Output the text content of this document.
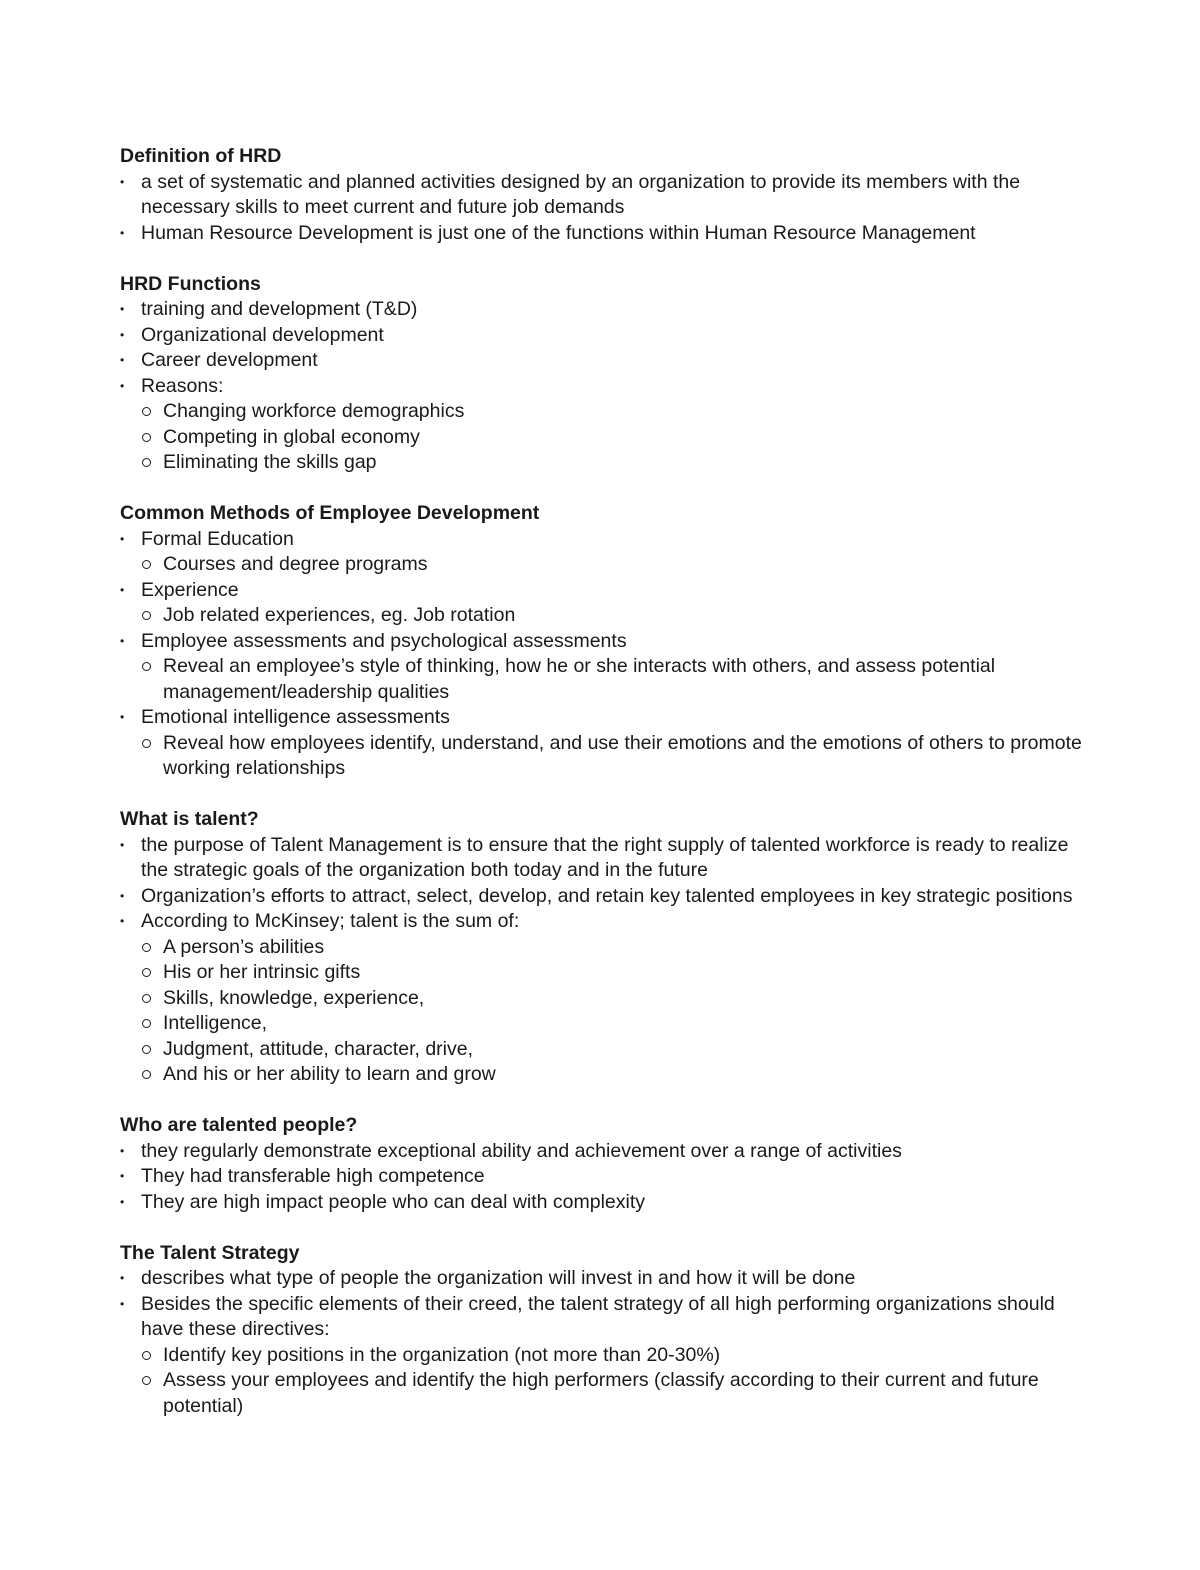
Definition of HRD
• a set of systematic and planned activities designed by an organization to provide its members with the necessary skills to meet current and future job demands
• Human Resource Development is just one of the functions within Human Resource Management
HRD Functions
• training and development (T&D)
• Organizational development
• Career development
• Reasons:
Changing workforce demographics
Competing in global economy
Eliminating the skills gap
Common Methods of Employee Development
• Formal Education
Courses and degree programs
• Experience
Job related experiences, eg. Job rotation
• Employee assessments and psychological assessments
Reveal an employee’s style of thinking, how he or she interacts with others, and assess potential management/leadership qualities
• Emotional intelligence assessments
Reveal how employees identify, understand, and use their emotions and the emotions of others to promote working relationships
What is talent?
• the purpose of Talent Management is to ensure that the right supply of talented workforce is ready to realize the strategic goals of the organization both today and in the future
• Organization’s efforts to attract, select, develop, and retain key talented employees in key strategic positions
• According to McKinsey; talent is the sum of:
A person’s abilities
His or her intrinsic gifts
Skills, knowledge, experience,
Intelligence,
Judgment, attitude, character, drive,
And his or her ability to learn and grow
Who are talented people?
• they regularly demonstrate exceptional ability and achievement over a range of activities
• They had transferable high competence
• They are high impact people who can deal with complexity
The Talent Strategy
• describes what type of people the organization will invest in and how it will be done
• Besides the specific elements of their creed, the talent strategy of all high performing organizations should have these directives:
Identify key positions in the organization (not more than 20-30%)
Assess your employees and identify the high performers (classify according to their current and future potential)
